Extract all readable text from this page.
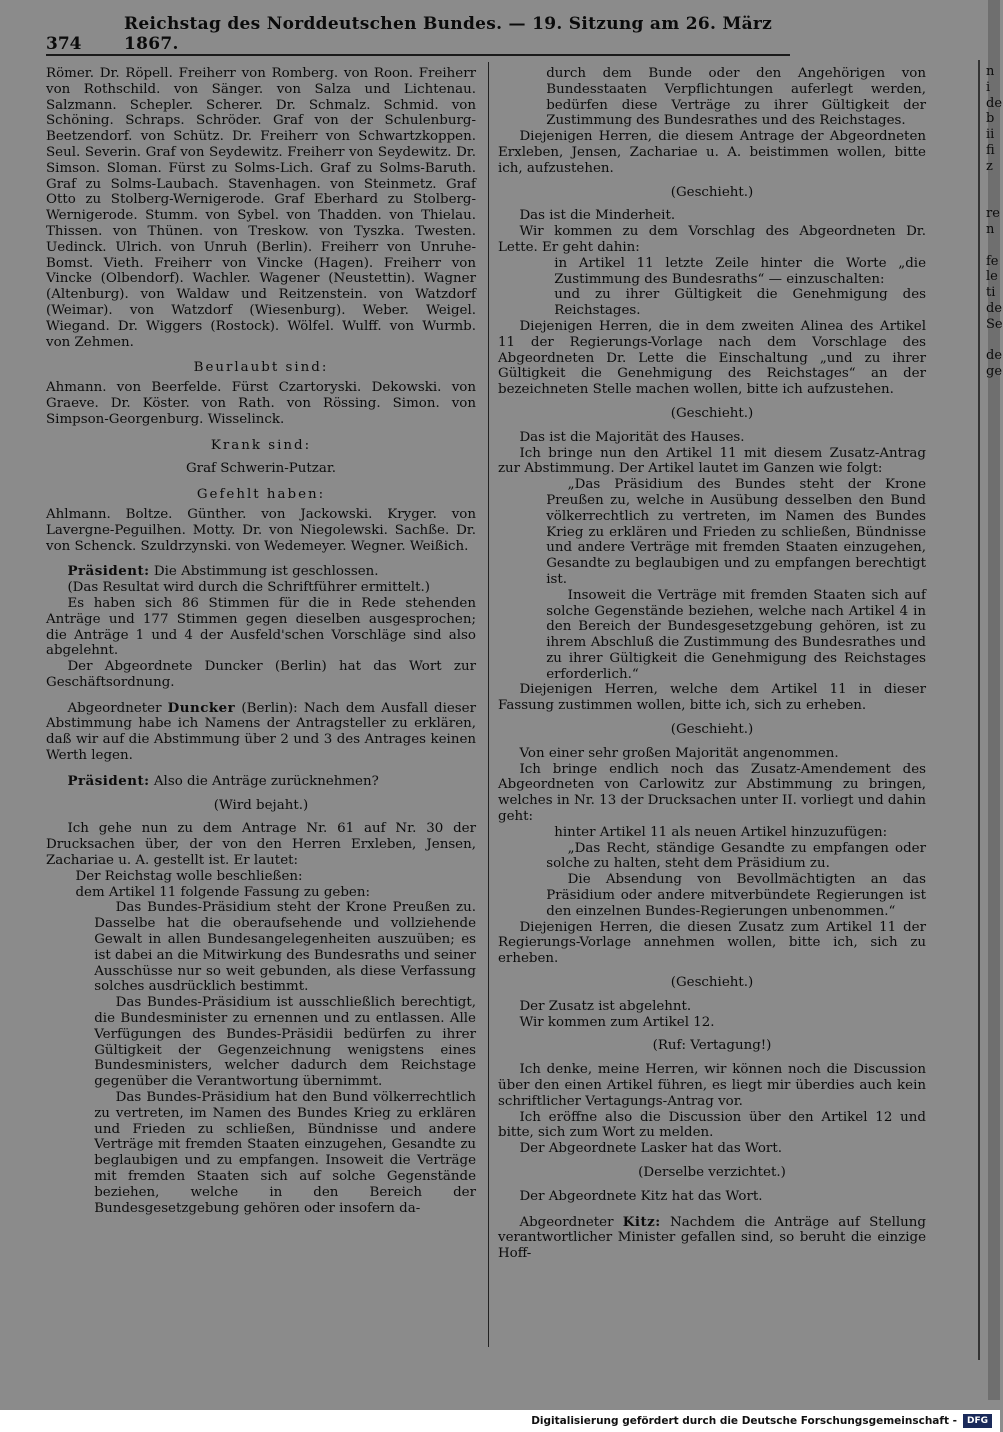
374
Reichstag des Norddeutschen Bundes. — 19. Sitzung am 26. März 1867.

Römer. Dr. Röpell. Freiherr von Romberg. von Roon. Freiherr von Rothschild. von Sänger. von Salza und Lichtenau. Salzmann. Schepler. Scherer. Dr. Schmalz. Schmid. von Schöning. Schraps. Schröder. Graf von der Schulenburg-Beetzendorf. von Schütz. Dr. Freiherr von Schwartzkoppen. Seul. Severin. Graf von Seydewitz. Freiherr von Seydewitz. Dr. Simson. Sloman. Fürst zu Solms-Lich. Graf zu Solms-Baruth. Graf zu Solms-Laubach. Stavenhagen. von Steinmetz. Graf Otto zu Stolberg-Wernigerode. Graf Eberhard zu Stolberg-Wernigerode. Stumm. von Sybel. von Thadden. von Thielau. Thissen. von Thünen. von Treskow. von Tyszka. Twesten. Uedinck. Ulrich. von Unruh (Berlin). Freiherr von Unruhe-Bomst. Vieth. Freiherr von Vincke (Hagen). Freiherr von Vincke (Olbendorf). Wachler. Wagener (Neustettin). Wagner (Altenburg). von Waldaw und Reitzenstein. von Watzdorf (Weimar). von Watzdorf (Wiesenburg). Weber. Weigel. Wiegand. Dr. Wiggers (Rostock). Wölfel. Wulff. von Wurmb. von Zehmen.

Beurlaubt sind:

Ahmann. von Beerfelde. Fürst Czartoryski. Dekowski. von Graeve. Dr. Köster. von Rath. von Rössing. Simon. von Simpson-Georgenburg. Wisselinck.

Krank sind:

Graf Schwerin-Putzar.

Gefehlt haben:

Ahlmann. Boltze. Günther. von Jackowski. Kryger. von Lavergne-Peguilhen. Motty. Dr. von Niegolewski. Sachße. Dr. von Schenck. Szuldrzynski. von Wedemeyer. Wegner. Weißich.

Präsident: Die Abstimmung ist geschlossen.

(Das Resultat wird durch die Schriftführer ermittelt.)

Es haben sich 86 Stimmen für die in Rede stehenden Anträge und 177 Stimmen gegen dieselben ausgesprochen; die Anträge 1 und 4 der Ausfeld'schen Vorschläge sind also abgelehnt.

Der Abgeordnete Duncker (Berlin) hat das Wort zur Geschäftsordnung.

Abgeordneter Duncker (Berlin): Nach dem Ausfall dieser Abstimmung habe ich Namens der Antragsteller zu erklären, daß wir auf die Abstimmung über 2 und 3 des Antrages keinen Werth legen.

Präsident: Also die Anträge zurücknehmen?

(Wird bejaht.)

Ich gehe nun zu dem Antrage Nr. 61 auf Nr. 30 der Drucksachen über, der von den Herren Erxleben, Jensen, Zachariae u. A. gestellt ist. Er lautet:

Der Reichstag wolle beschließen:

dem Artikel 11 folgende Fassung zu geben:

Das Bundes-Präsidium steht der Krone Preußen zu. Dasselbe hat die oberaufsehende und vollziehende Gewalt in allen Bundesangelegenheiten auszuüben; es ist dabei an die Mitwirkung des Bundesraths und seiner Ausschüsse nur so weit gebunden, als diese Verfassung solches ausdrücklich bestimmt.

Das Bundes-Präsidium ist ausschließlich berechtigt, die Bundesminister zu ernennen und zu entlassen. Alle Verfügungen des Bundes-Präsidii bedürfen zu ihrer Gültigkeit der Gegenzeichnung wenigstens eines Bundesministers, welcher dadurch dem Reichstage gegenüber die Verantwortung übernimmt.

Das Bundes-Präsidium hat den Bund völkerrechtlich zu vertreten, im Namen des Bundes Krieg zu erklären und Frieden zu schließen, Bündnisse und andere Verträge mit fremden Staaten einzugehen, Gesandte zu beglaubigen und zu empfangen. Insoweit die Verträge mit fremden Staaten sich auf solche Gegenstände beziehen, welche in den Bereich der Bundesgesetzgebung gehören oder insofern da-

durch dem Bunde oder den Angehörigen von Bundesstaaten Verpflichtungen auferlegt werden, bedürfen diese Verträge zu ihrer Gültigkeit der Zustimmung des Bundesrathes und des Reichstages.

Diejenigen Herren, die diesem Antrage der Abgeordneten Erxleben, Jensen, Zachariae u. A. beistimmen wollen, bitte ich, aufzustehen.

(Geschieht.)

Das ist die Minderheit.

Wir kommen zu dem Vorschlag des Abgeordneten Dr. Lette. Er geht dahin:

in Artikel 11 letzte Zeile hinter die Worte „die Zustimmung des Bundesraths“ — einzuschalten:

und zu ihrer Gültigkeit die Genehmigung des Reichstages.

Diejenigen Herren, die in dem zweiten Alinea des Artikel 11 der Regierungs-Vorlage nach dem Vorschlage des Abgeordneten Dr. Lette die Einschaltung „und zu ihrer Gültigkeit die Genehmigung des Reichstages“ an der bezeichneten Stelle machen wollen, bitte ich aufzustehen.

(Geschieht.)

Das ist die Majorität des Hauses.

Ich bringe nun den Artikel 11 mit diesem Zusatz-Antrag zur Abstimmung. Der Artikel lautet im Ganzen wie folgt:

„Das Präsidium des Bundes steht der Krone Preußen zu, welche in Ausübung desselben den Bund völkerrechtlich zu vertreten, im Namen des Bundes Krieg zu erklären und Frieden zu schließen, Bündnisse und andere Verträge mit fremden Staaten einzugehen, Gesandte zu beglaubigen und zu empfangen berechtigt ist.

Insoweit die Verträge mit fremden Staaten sich auf solche Gegenstände beziehen, welche nach Artikel 4 in den Bereich der Bundesgesetzgebung gehören, ist zu ihrem Abschluß die Zustimmung des Bundesrathes und zu ihrer Gültigkeit die Genehmigung des Reichstages erforderlich.“

Diejenigen Herren, welche dem Artikel 11 in dieser Fassung zustimmen wollen, bitte ich, sich zu erheben.

(Geschieht.)

Von einer sehr großen Majorität angenommen.

Ich bringe endlich noch das Zusatz-Amendement des Abgeordneten von Carlowitz zur Abstimmung zu bringen, welches in Nr. 13 der Drucksachen unter II. vorliegt und dahin geht:

hinter Artikel 11 als neuen Artikel hinzuzufügen:

„Das Recht, ständige Gesandte zu empfangen oder solche zu halten, steht dem Präsidium zu.

Die Absendung von Bevollmächtigten an das Präsidium oder andere mitverbündete Regierungen ist den einzelnen Bundes-Regierungen unbenommen.“

Diejenigen Herren, die diesen Zusatz zum Artikel 11 der Regierungs-Vorlage annehmen wollen, bitte ich, sich zu erheben.

(Geschieht.)

Der Zusatz ist abgelehnt.

Wir kommen zum Artikel 12.

(Ruf: Vertagung!)

Ich denke, meine Herren, wir können noch die Discussion über den einen Artikel führen, es liegt mir überdies auch kein schriftlicher Vertagungs-Antrag vor.

Ich eröffne also die Discussion über den Artikel 12 und bitte, sich zum Wort zu melden.

Der Abgeordnete Lasker hat das Wort.

(Derselbe verzichtet.)

Der Abgeordnete Kitz hat das Wort.

Abgeordneter Kitz: Nachdem die Anträge auf Stellung verantwortlicher Minister gefallen sind, so beruht die einzige Hoff-

n
i
de
b
ii
fi
z

re
n

fe
le
ti
de
Se

de
ge
Digitalisierung gefördert durch die Deutsche Forschungsgemeinschaft -	DFG
